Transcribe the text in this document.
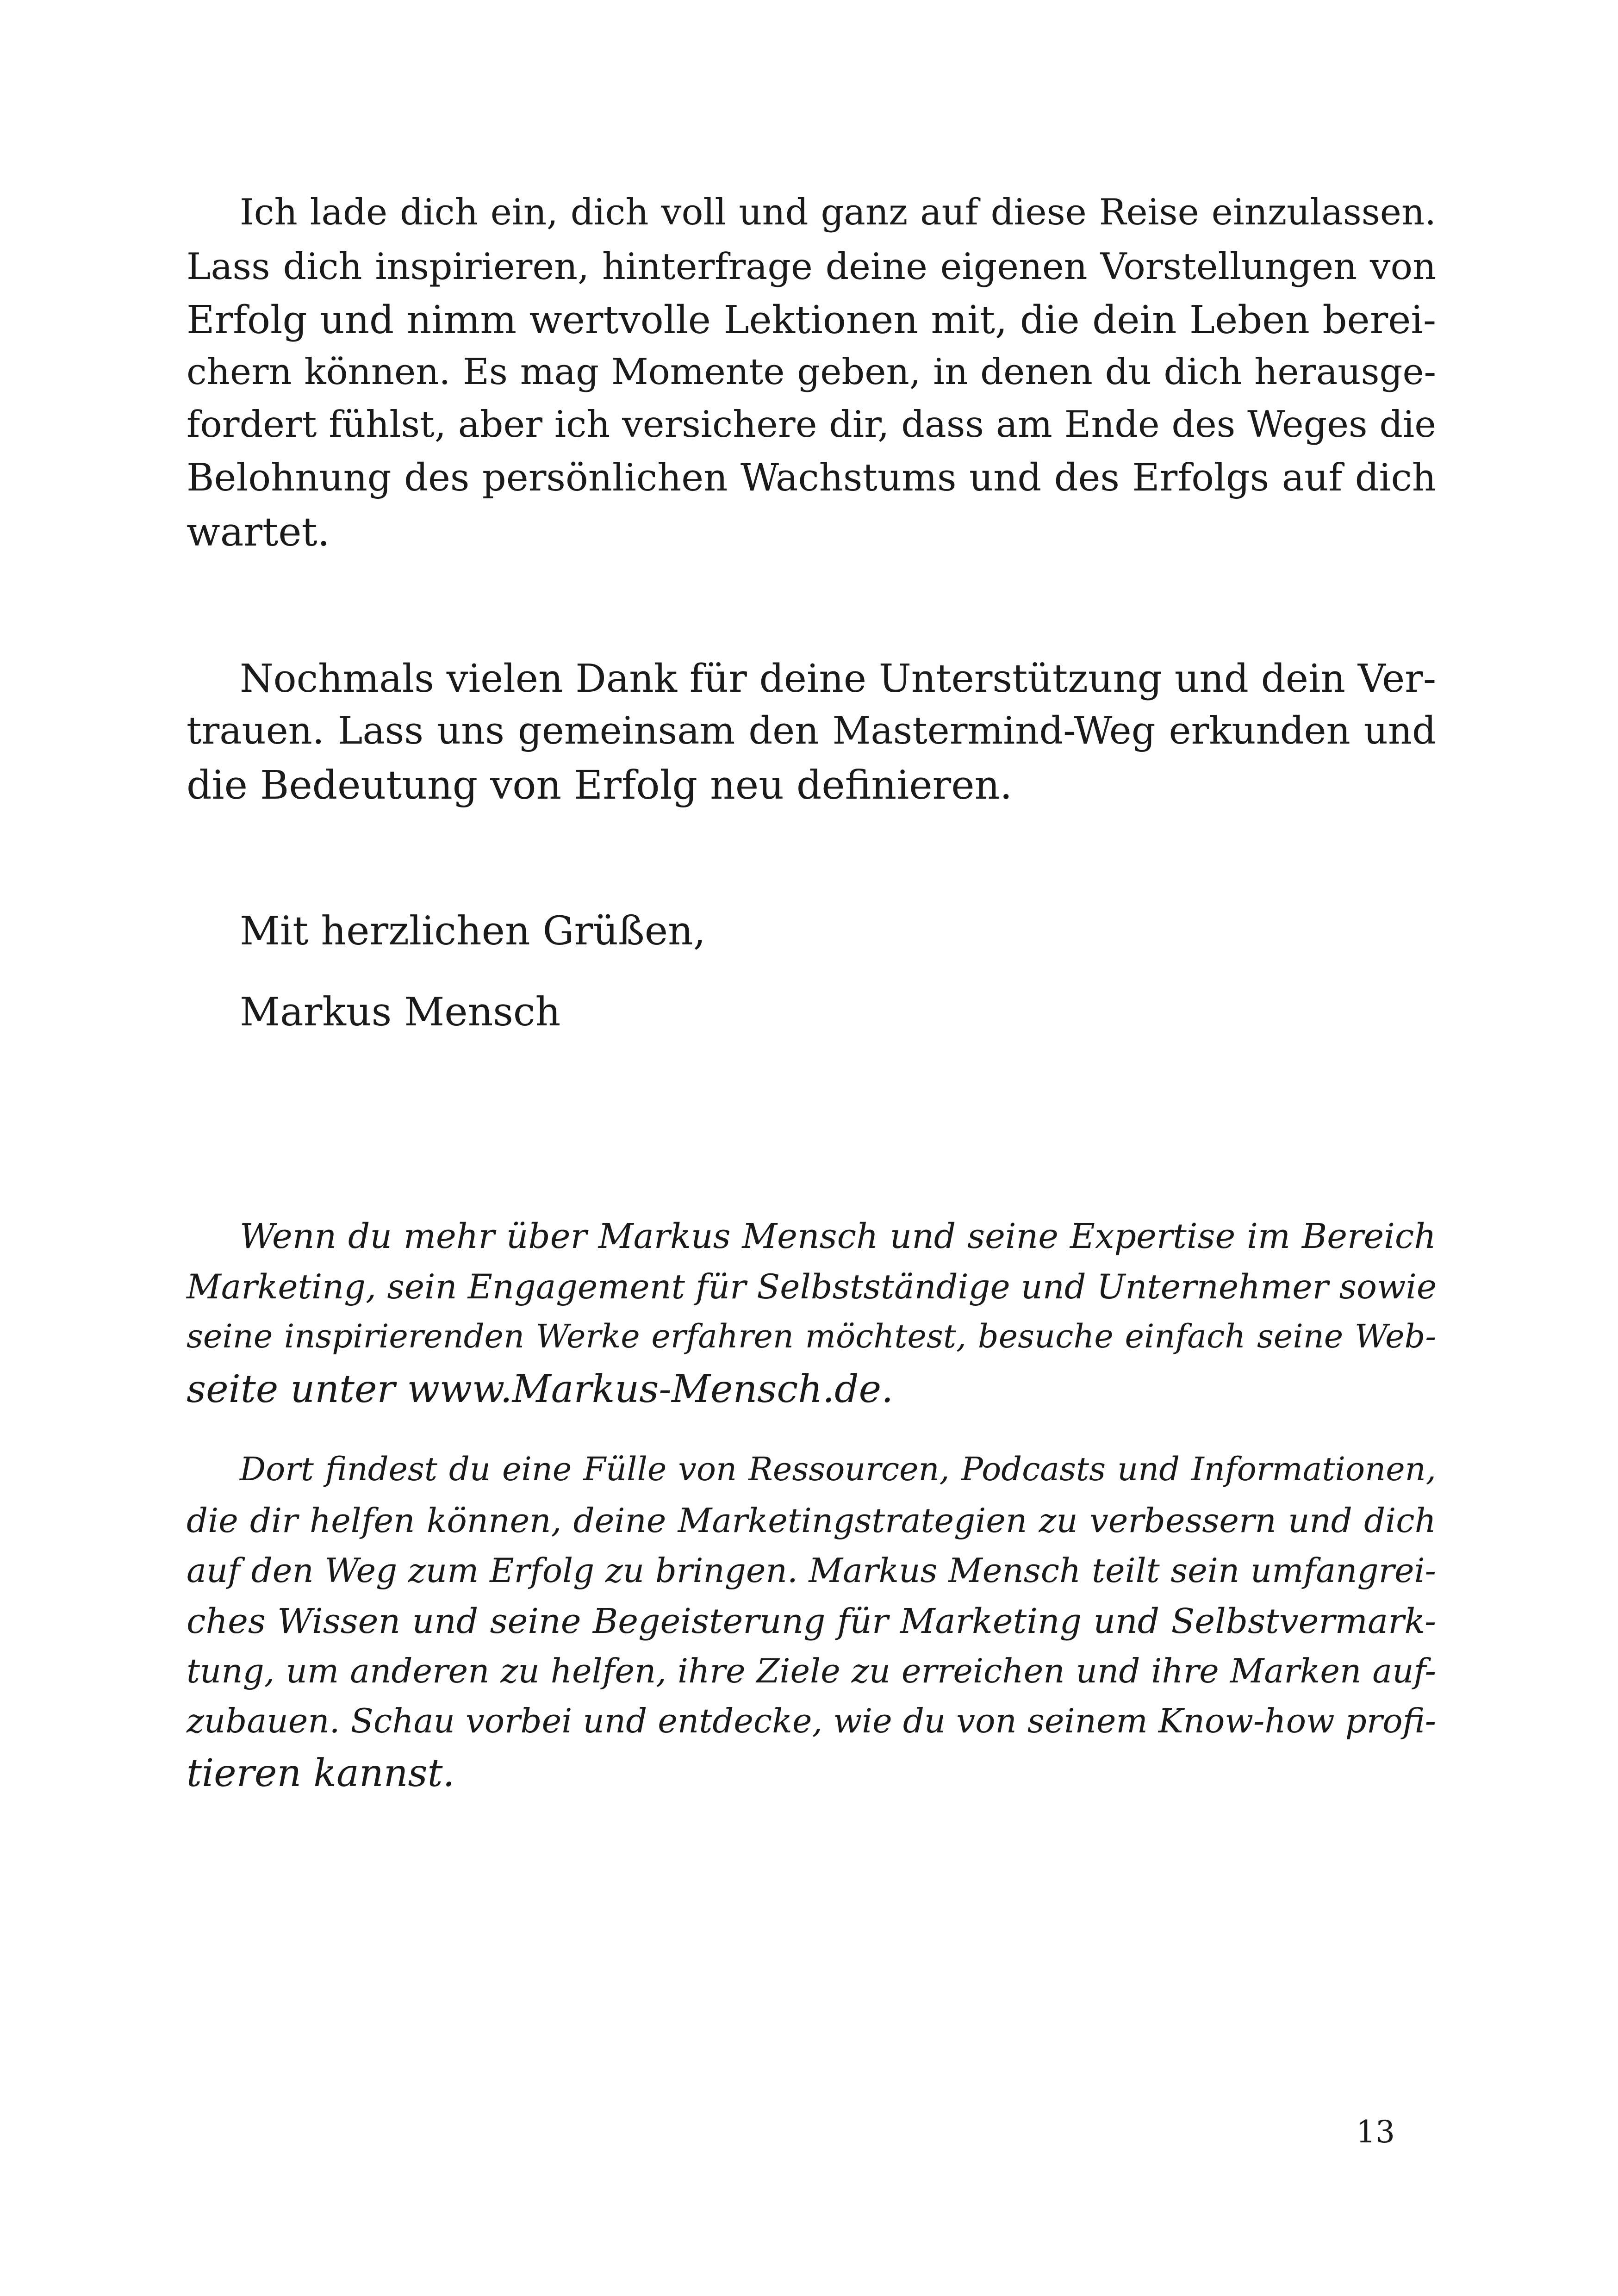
Ich lade dich ein, dich voll und ganz auf diese Reise einzulassen.
Lass dich inspirieren, hinterfrage deine eigenen Vorstellungen von
Erfolg und nimm wertvolle Lektionen mit, die dein Leben berei-
chern können. Es mag Momente geben, in denen du dich herausge-
fordert fühlst, aber ich versichere dir, dass am Ende des Weges die
Belohnung des persönlichen Wachstums und des Erfolgs auf dich
wartet.
Nochmals vielen Dank für deine Unterstützung und dein Ver-
trauen. Lass uns gemeinsam den Mastermind-Weg erkunden und
die Bedeutung von Erfolg neu definieren.
Mit herzlichen Grüßen,
Markus Mensch
Wenn du mehr über Markus Mensch und seine Expertise im Bereich
Marketing, sein Engagement für Selbstständige und Unternehmer sowie
seine inspirierenden Werke erfahren möchtest, besuche einfach seine Web-
seite unter www.Markus-Mensch.de.
Dort findest du eine Fülle von Ressourcen, Podcasts und Informationen,
die dir helfen können, deine Marketingstrategien zu verbessern und dich
auf den Weg zum Erfolg zu bringen. Markus Mensch teilt sein umfangrei-
ches Wissen und seine Begeisterung für Marketing und Selbstvermark-
tung, um anderen zu helfen, ihre Ziele zu erreichen und ihre Marken auf-
zubauen. Schau vorbei und entdecke, wie du von seinem Know-how profi-
tieren kannst.
13
